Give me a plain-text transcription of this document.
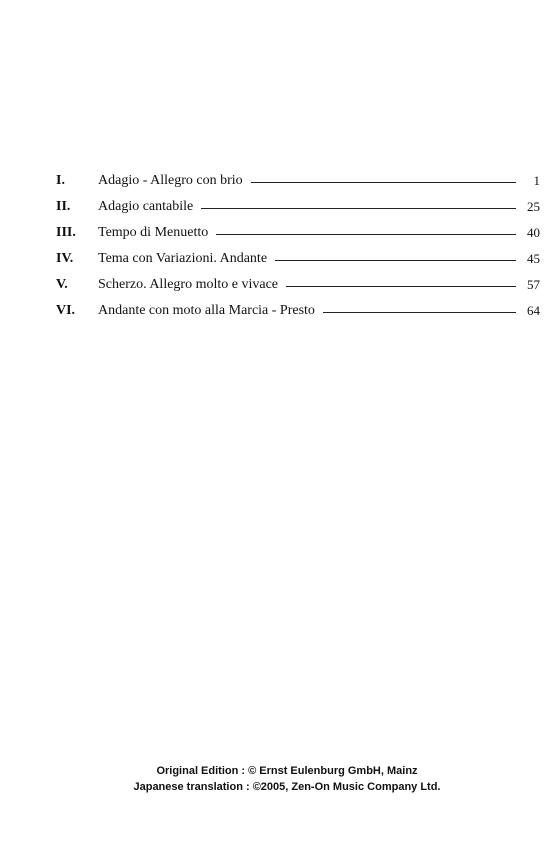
I.	Adagio - Allegro con brio	1
II.	Adagio cantabile	25
III.	Tempo di Menuetto	40
IV.	Tema con Variazioni. Andante	45
V.	Scherzo. Allegro molto e vivace	57
VI.	Andante con moto alla Marcia - Presto	64
Original Edition : © Ernst Eulenburg GmbH, Mainz
Japanese translation : ©2005, Zen-On Music Company Ltd.
